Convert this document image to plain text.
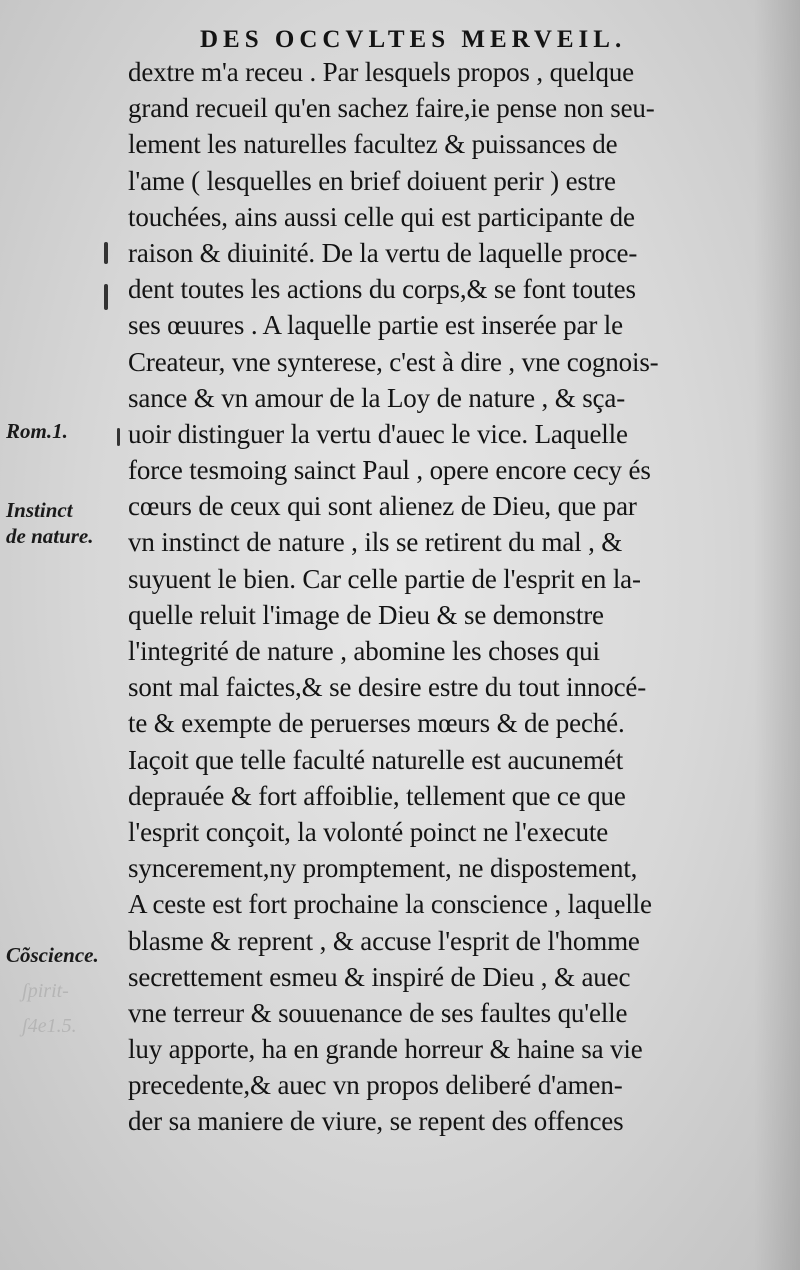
DES OCCVLTES MERVEIL.
Rom.1.
Instinct
de nature.
Cõscience.
ʃpirit-
ʃ4e1.5.
dextre m'a receu . Par lesquels propos , quelque
grand recueil qu'en sachez faire,ie pense non seu-
lement les naturelles facultez & puissances de
l'ame ( lesquelles en brief doiuent perir ) estre
touchées, ains aussi celle qui est participante de
raison & diuinité. De la vertu de laquelle proce-
dent toutes les actions du corps,& se font toutes
ses œuures . A laquelle partie est inserée par le
Createur, vne synterese, c'est à dire , vne cognois-
sance & vn amour de la Loy de nature , & sça-
uoir distinguer la vertu d'auec le vice. Laquelle
force tesmoing sainct Paul , opere encore cecy és
cœurs de ceux qui sont alienez de Dieu, que par
vn instinct de nature , ils se retirent du mal , &
suyuent le bien. Car celle partie de l'esprit en la-
quelle reluit l'image de Dieu & se demonstre
l'integrité de nature , abomine les choses qui
sont mal faictes,& se desire estre du tout innocé-
te & exempte de peruerses mœurs & de peché.
Iaçoit que telle faculté naturelle est aucunemét
deprauée & fort affoiblie, tellement que ce que
l'esprit conçoit, la volonté poinct ne l'execute
syncerement,ny promptement, ne dispostement,
A ceste est fort prochaine la conscience , laquelle
blasme & reprent , & accuse l'esprit de l'homme
secrettement esmeu & inspiré de Dieu , & auec
vne terreur & souuenance de ses faultes qu'elle
luy apporte, ha en grande horreur & haine sa vie
precedente,& auec vn propos deliberé d'amen-
der sa maniere de viure, se repent des offences
